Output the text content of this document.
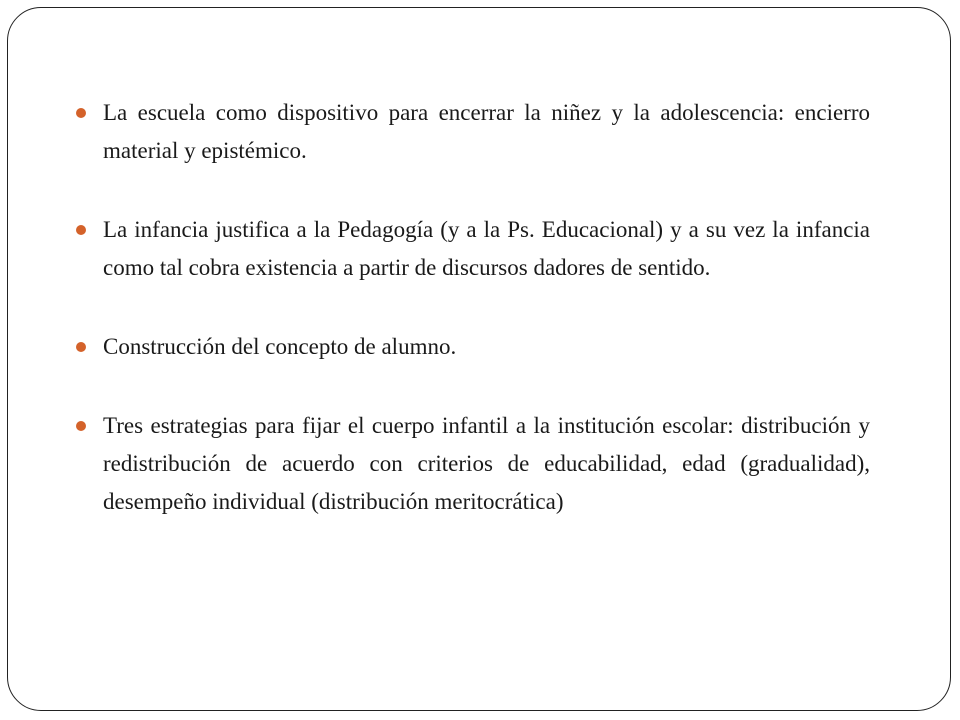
La escuela como dispositivo para encerrar la niñez y la adolescencia: encierro material y epistémico.
La infancia justifica a la Pedagogía (y a la Ps. Educacional) y a su vez la infancia como tal cobra existencia a partir de discursos dadores de sentido.
Construcción del concepto de alumno.
Tres estrategias para fijar el cuerpo infantil a la institución escolar: distribución y redistribución de acuerdo con criterios de educabilidad, edad (gradualidad), desempeño individual (distribución meritocrática)
